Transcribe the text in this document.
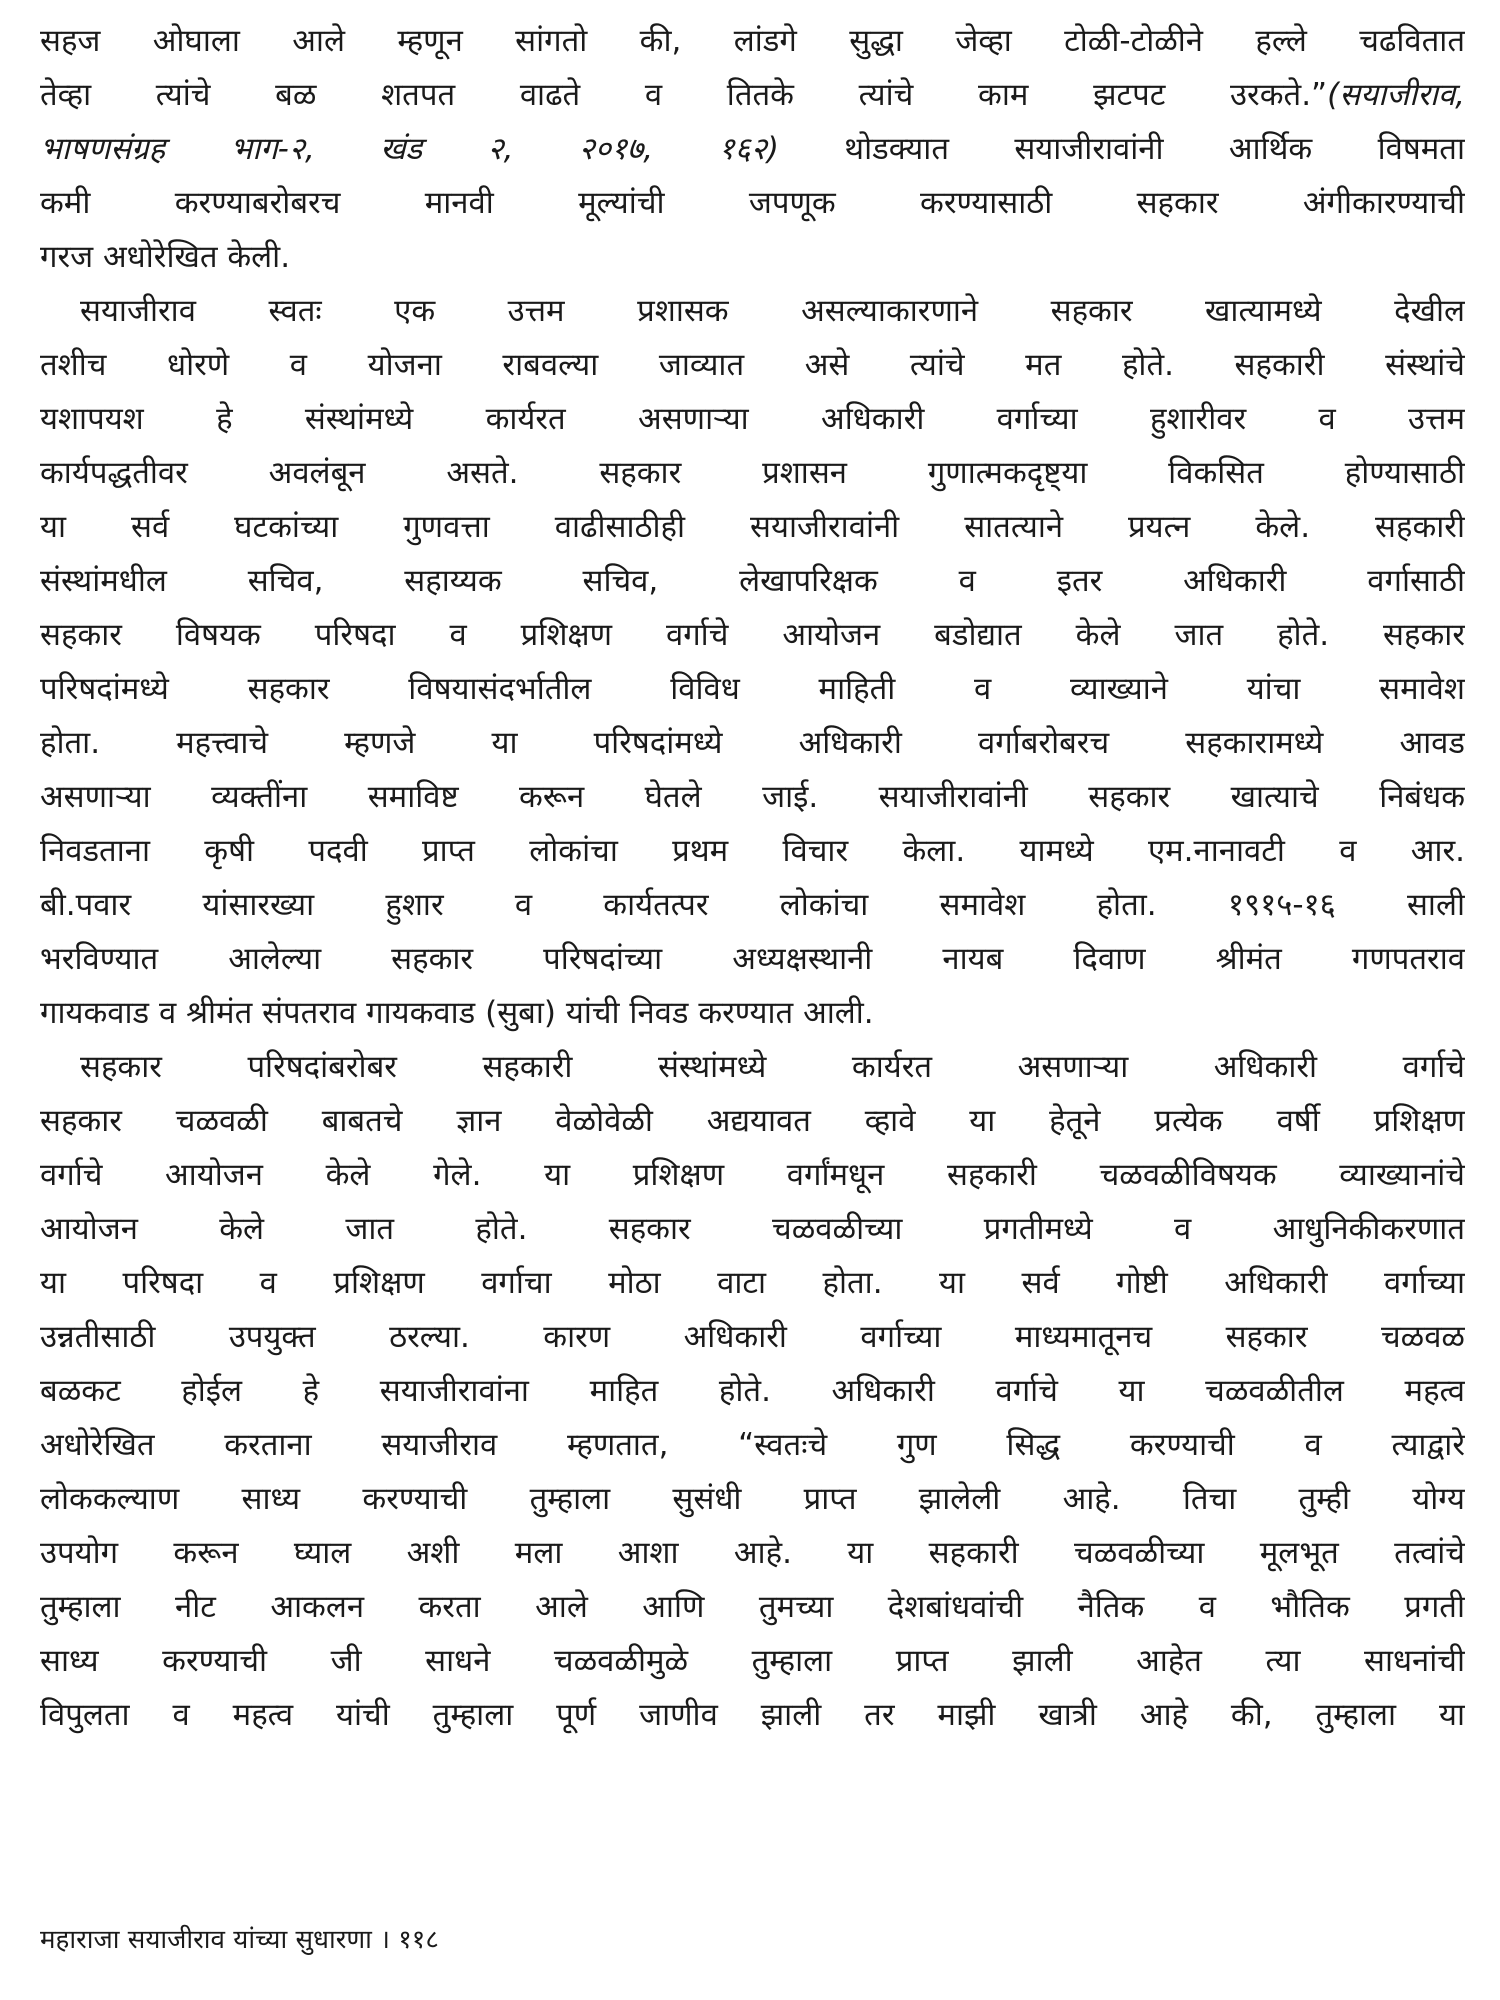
सहज ओघाला आले म्हणून सांगतो की, लांडगे सुद्धा जेव्हा टोळी-टोळीने हल्ले चढवितात
तेव्हा त्यांचे बळ शतपत वाढते व तितके त्यांचे काम झटपट उरकते.”(सयाजीराव,
भाषणसंग्रह भाग-२, खंड २, २०१७, १६२) थोडक्यात सयाजीरावांनी आर्थिक विषमता
कमी करण्याबरोबरच मानवी मूल्यांची जपणूक करण्यासाठी सहकार अंगीकारण्याची
गरज अधोरेखित केली.
सयाजीराव स्वतः एक उत्तम प्रशासक असल्याकारणाने सहकार खात्यामध्ये देखील
तशीच धोरणे व योजना राबवल्या जाव्यात असे त्यांचे मत होते. सहकारी संस्थांचे
यशापयश हे संस्थांमध्ये कार्यरत असणाऱ्या अधिकारी वर्गाच्या हुशारीवर व उत्तम
कार्यपद्धतीवर अवलंबून असते. सहकार प्रशासन गुणात्मकदृष्ट्या विकसित होण्यासाठी
या सर्व घटकांच्या गुणवत्ता वाढीसाठीही सयाजीरावांनी सातत्याने प्रयत्न केले. सहकारी
संस्थांमधील सचिव, सहाय्यक सचिव, लेखापरिक्षक व इतर अधिकारी वर्गासाठी
सहकार विषयक परिषदा व प्रशिक्षण वर्गाचे आयोजन बडोद्यात केले जात होते. सहकार
परिषदांमध्ये सहकार विषयासंदर्भातील विविध माहिती व व्याख्याने यांचा समावेश
होता. महत्त्वाचे म्हणजे या परिषदांमध्ये अधिकारी वर्गाबरोबरच सहकारामध्ये आवड
असणाऱ्या व्यक्तींना समाविष्ट करून घेतले जाई. सयाजीरावांनी सहकार खात्याचे निबंधक
निवडताना कृषी पदवी प्राप्त लोकांचा प्रथम विचार केला. यामध्ये एम.नानावटी व आर.
बी.पवार यांसारख्या हुशार व कार्यतत्पर लोकांचा समावेश होता. १९१५-१६ साली
भरविण्यात आलेल्या सहकार परिषदांच्या अध्यक्षस्थानी नायब दिवाण श्रीमंत गणपतराव
गायकवाड व श्रीमंत संपतराव गायकवाड (सुबा) यांची निवड करण्यात आली.
सहकार परिषदांबरोबर सहकारी संस्थांमध्ये कार्यरत असणाऱ्या अधिकारी वर्गाचे
सहकार चळवळी बाबतचे ज्ञान वेळोवेळी अद्ययावत व्हावे या हेतूने प्रत्येक वर्षी प्रशिक्षण
वर्गाचे आयोजन केले गेले. या प्रशिक्षण वर्गांमधून सहकारी चळवळीविषयक व्याख्यानांचे
आयोजन केले जात होते. सहकार चळवळीच्या प्रगतीमध्ये व आधुनिकीकरणात
या परिषदा व प्रशिक्षण वर्गाचा मोठा वाटा होता. या सर्व गोष्टी अधिकारी वर्गाच्या
उन्नतीसाठी उपयुक्त ठरल्या. कारण अधिकारी वर्गाच्या माध्यमातूनच सहकार चळवळ
बळकट होईल हे सयाजीरावांना माहित होते. अधिकारी वर्गाचे या चळवळीतील महत्व
अधोरेखित करताना सयाजीराव म्हणतात, “स्वतःचे गुण सिद्ध करण्याची व त्याद्वारे
लोककल्याण साध्य करण्याची तुम्हाला सुसंधी प्राप्त झालेली आहे. तिचा तुम्ही योग्य
उपयोग करून घ्याल अशी मला आशा आहे. या सहकारी चळवळीच्या मूलभूत तत्वांचे
तुम्हाला नीट आकलन करता आले आणि तुमच्या देशबांधवांची नैतिक व भौतिक प्रगती
साध्य करण्याची जी साधने चळवळीमुळे तुम्हाला प्राप्त झाली आहेत त्या साधनांची
विपुलता व महत्व यांची तुम्हाला पूर्ण जाणीव झाली तर माझी खात्री आहे की, तुम्हाला या
महाराजा सयाजीराव यांच्या सुधारणा । ११८
